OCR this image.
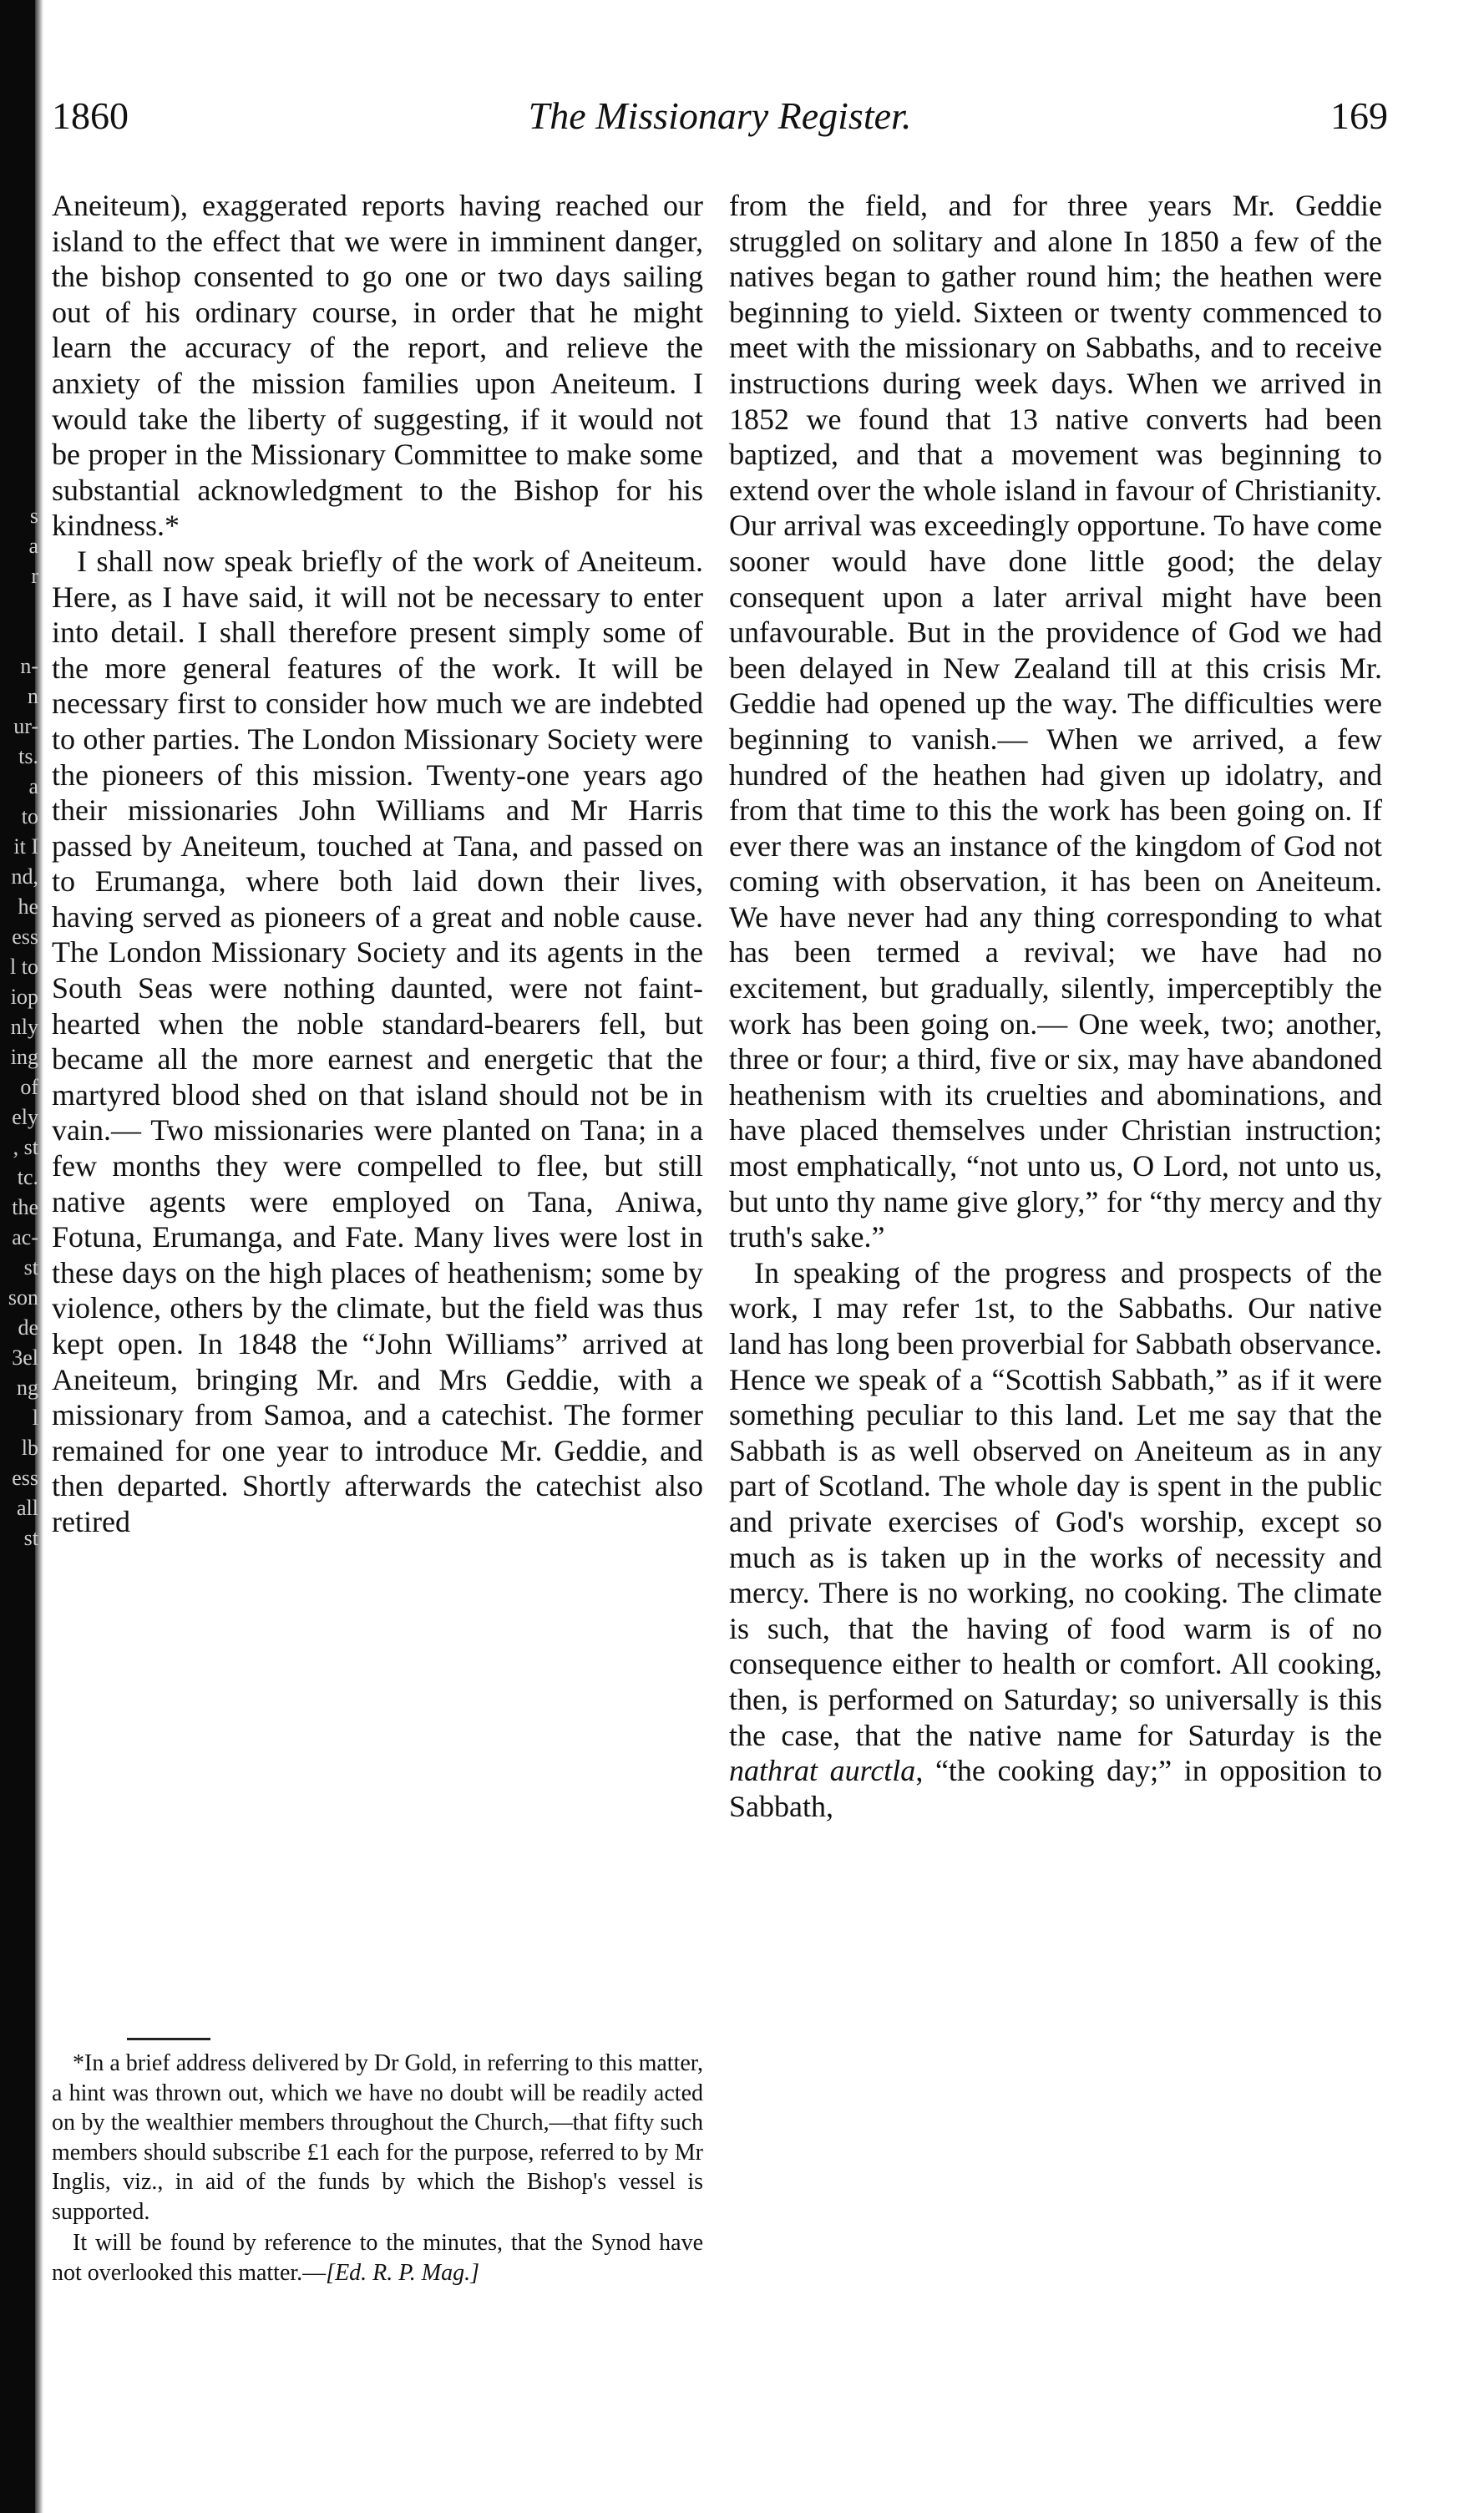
s
a
r
n-
n
ur-
ts.
a
to
it I
nd,
he
ess
l to
iop
nly
ing
of
ely
, st
tc.
the
ac-
st
son
de
3el
ng
l
lb
ess
all
st
1860	The Missionary Register.	169

Aneiteum), exaggerated reports having reached our island to the effect that we were in imminent danger, the bishop consented to go one or two days sailing out of his ordinary course, in order that he might learn the accuracy of the report, and relieve the anxiety of the mission families upon Aneiteum. I would take the liberty of suggesting, if it would not be proper in the Missionary Committee to make some substantial acknowledgment to the Bishop for his kindness.*

I shall now speak briefly of the work of Aneiteum. Here, as I have said, it will not be necessary to enter into detail. I shall therefore present simply some of the more general features of the work. It will be necessary first to consider how much we are indebted to other parties. The London Missionary Society were the pioneers of this mission. Twenty-one years ago their missionaries John Williams and Mr Harris passed by Aneiteum, touched at Tana, and passed on to Erumanga, where both laid down their lives, having served as pioneers of a great and noble cause. The London Missionary Society and its agents in the South Seas were nothing daunted, were not faint-hearted when the noble standard-bearers fell, but became all the more earnest and energetic that the martyred blood shed on that island should not be in vain.— Two missionaries were planted on Tana; in a few months they were compelled to flee, but still native agents were employed on Tana, Aniwa, Fotuna, Erumanga, and Fate. Many lives were lost in these days on the high places of heathenism; some by violence, others by the climate, but the field was thus kept open. In 1848 the “John Williams” arrived at Aneiteum, bringing Mr. and Mrs Geddie, with a missionary from Samoa, and a catechist. The former remained for one year to introduce Mr. Geddie, and then departed. Shortly afterwards the catechist also retired

*In a brief address delivered by Dr Gold, in referring to this matter, a hint was thrown out, which we have no doubt will be readily acted on by the wealthier members throughout the Church,—that fifty such members should subscribe £1 each for the purpose, referred to by Mr Inglis, viz., in aid of the funds by which the Bishop's vessel is supported.

It will be found by reference to the minutes, that the Synod have not overlooked this matter.—[Ed. R. P. Mag.]

from the field, and for three years Mr. Geddie struggled on solitary and alone In 1850 a few of the natives began to gather round him; the heathen were beginning to yield. Sixteen or twenty commenced to meet with the missionary on Sabbaths, and to receive instructions during week days. When we arrived in 1852 we found that 13 native converts had been baptized, and that a movement was beginning to extend over the whole island in favour of Christianity. Our arrival was exceedingly opportune. To have come sooner would have done little good; the delay consequent upon a later arrival might have been unfavourable. But in the providence of God we had been delayed in New Zealand till at this crisis Mr. Geddie had opened up the way. The difficulties were beginning to vanish.— When we arrived, a few hundred of the heathen had given up idolatry, and from that time to this the work has been going on. If ever there was an instance of the kingdom of God not coming with observation, it has been on Aneiteum. We have never had any thing corresponding to what has been termed a revival; we have had no excitement, but gradually, silently, imperceptibly the work has been going on.— One week, two; another, three or four; a third, five or six, may have abandoned heathenism with its cruelties and abominations, and have placed themselves under Christian instruction; most emphatically, “not unto us, O Lord, not unto us, but unto thy name give glory,” for “thy mercy and thy truth's sake.”

In speaking of the progress and prospects of the work, I may refer 1st, to the Sabbaths. Our native land has long been proverbial for Sabbath observance. Hence we speak of a “Scottish Sabbath,” as if it were something peculiar to this land. Let me say that the Sabbath is as well observed on Aneiteum as in any part of Scotland. The whole day is spent in the public and private exercises of God's worship, except so much as is taken up in the works of necessity and mercy. There is no working, no cooking. The climate is such, that the having of food warm is of no consequence either to health or comfort. All cooking, then, is performed on Saturday; so universally is this the case, that the native name for Saturday is the nathrat aurctla, “the cooking day;” in opposition to Sabbath,
